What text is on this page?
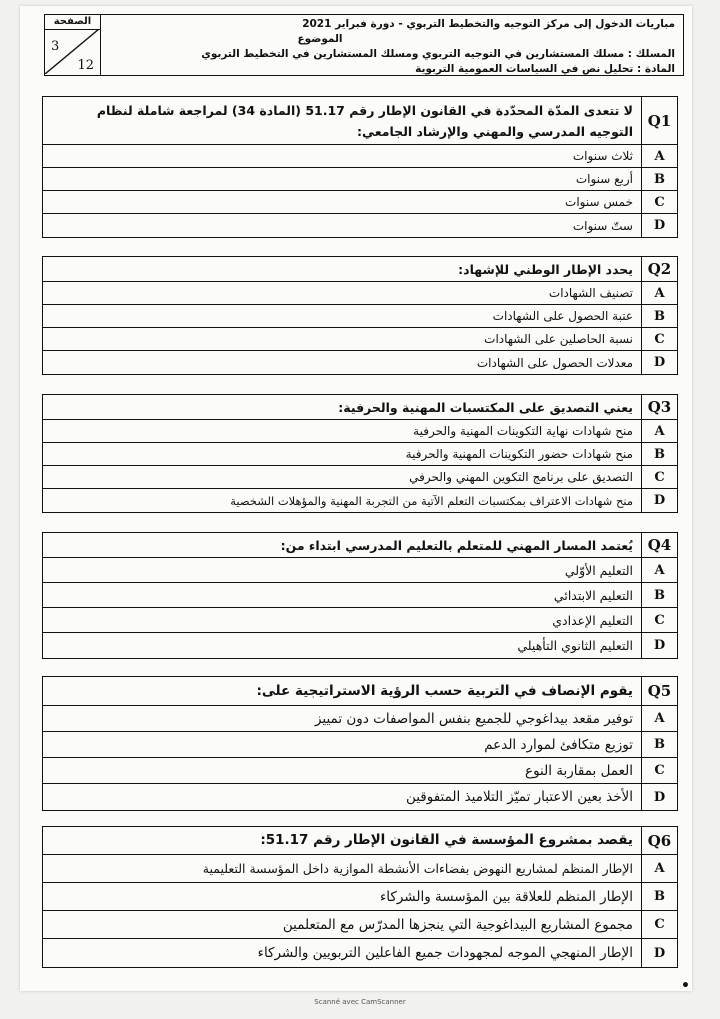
الصفحة
3
12
مباريات الدخول إلى مركز التوجيه والتخطيط التربوي - دورة فبراير 2021
الموضوع
المسلك : مسلك المستشارين في التوجيه التربوي ومسلك المستشارين في التخطيط التربوي
المادة : تحليل نص في السياسات العمومية التربوية
لا تتعدى المدّة المحدّدة في القانون الإطار رقم 51.17 (المادة 34) لمراجعة شاملة لنظام التوجيه المدرسي والمهني والإرشاد الجامعي:
Q1
ثلاث سنوات	A
أربع سنوات	B
خمس سنوات	C
ستّ سنوات	D
يحدد الإطار الوطني للإشهاد: Q2
تصنيف الشهادات	A
عتبة الحصول على الشهادات	B
نسبة الحاصلين على الشهادات	C
معدلات الحصول على الشهادات	D
يعني التصديق على المكتسبات المهنية والحرفية: Q3
منح شهادات نهاية التكوينات المهنية والحرفية	A
منح شهادات حضور التكوينات المهنية والحرفية	B
التصديق على برنامج التكوين المهني والحرفي	C
منح شهادات الاعتراف بمكتسبات التعلم الآتية من التجربة المهنية والمؤهلات الشخصية	D
يُعتمد المسار المهني للمتعلم بالتعليم المدرسي ابتداء من: Q4
التعليم الأوّلي	A
التعليم الابتدائي	B
التعليم الإعدادي	C
التعليم الثانوي التأهيلي	D
يقوم الإنصاف في التربية حسب الرؤية الاستراتيجية على: Q5
توفير مقعد بيداغوجي للجميع بنفس المواصفات دون تمييز	A
توزيع متكافئ لموارد الدعم	B
العمل بمقاربة النوع	C
الأخذ بعين الاعتبار تميّز التلاميذ المتفوقين	D
يقصد بمشروع المؤسسة في القانون الإطار رقم 51.17: Q6
الإطار المنظم لمشاريع النهوض بفضاءات الأنشطة الموازية داخل المؤسسة التعليمية	A
الإطار المنظم للعلاقة بين المؤسسة والشركاء	B
مجموع المشاريع البيداغوجية التي ينجزها المدرّس مع المتعلمين	C
الإطار المنهجي الموجه لمجهودات جميع الفاعلين التربويين والشركاء	D
•
Scanné avec CamScanner
